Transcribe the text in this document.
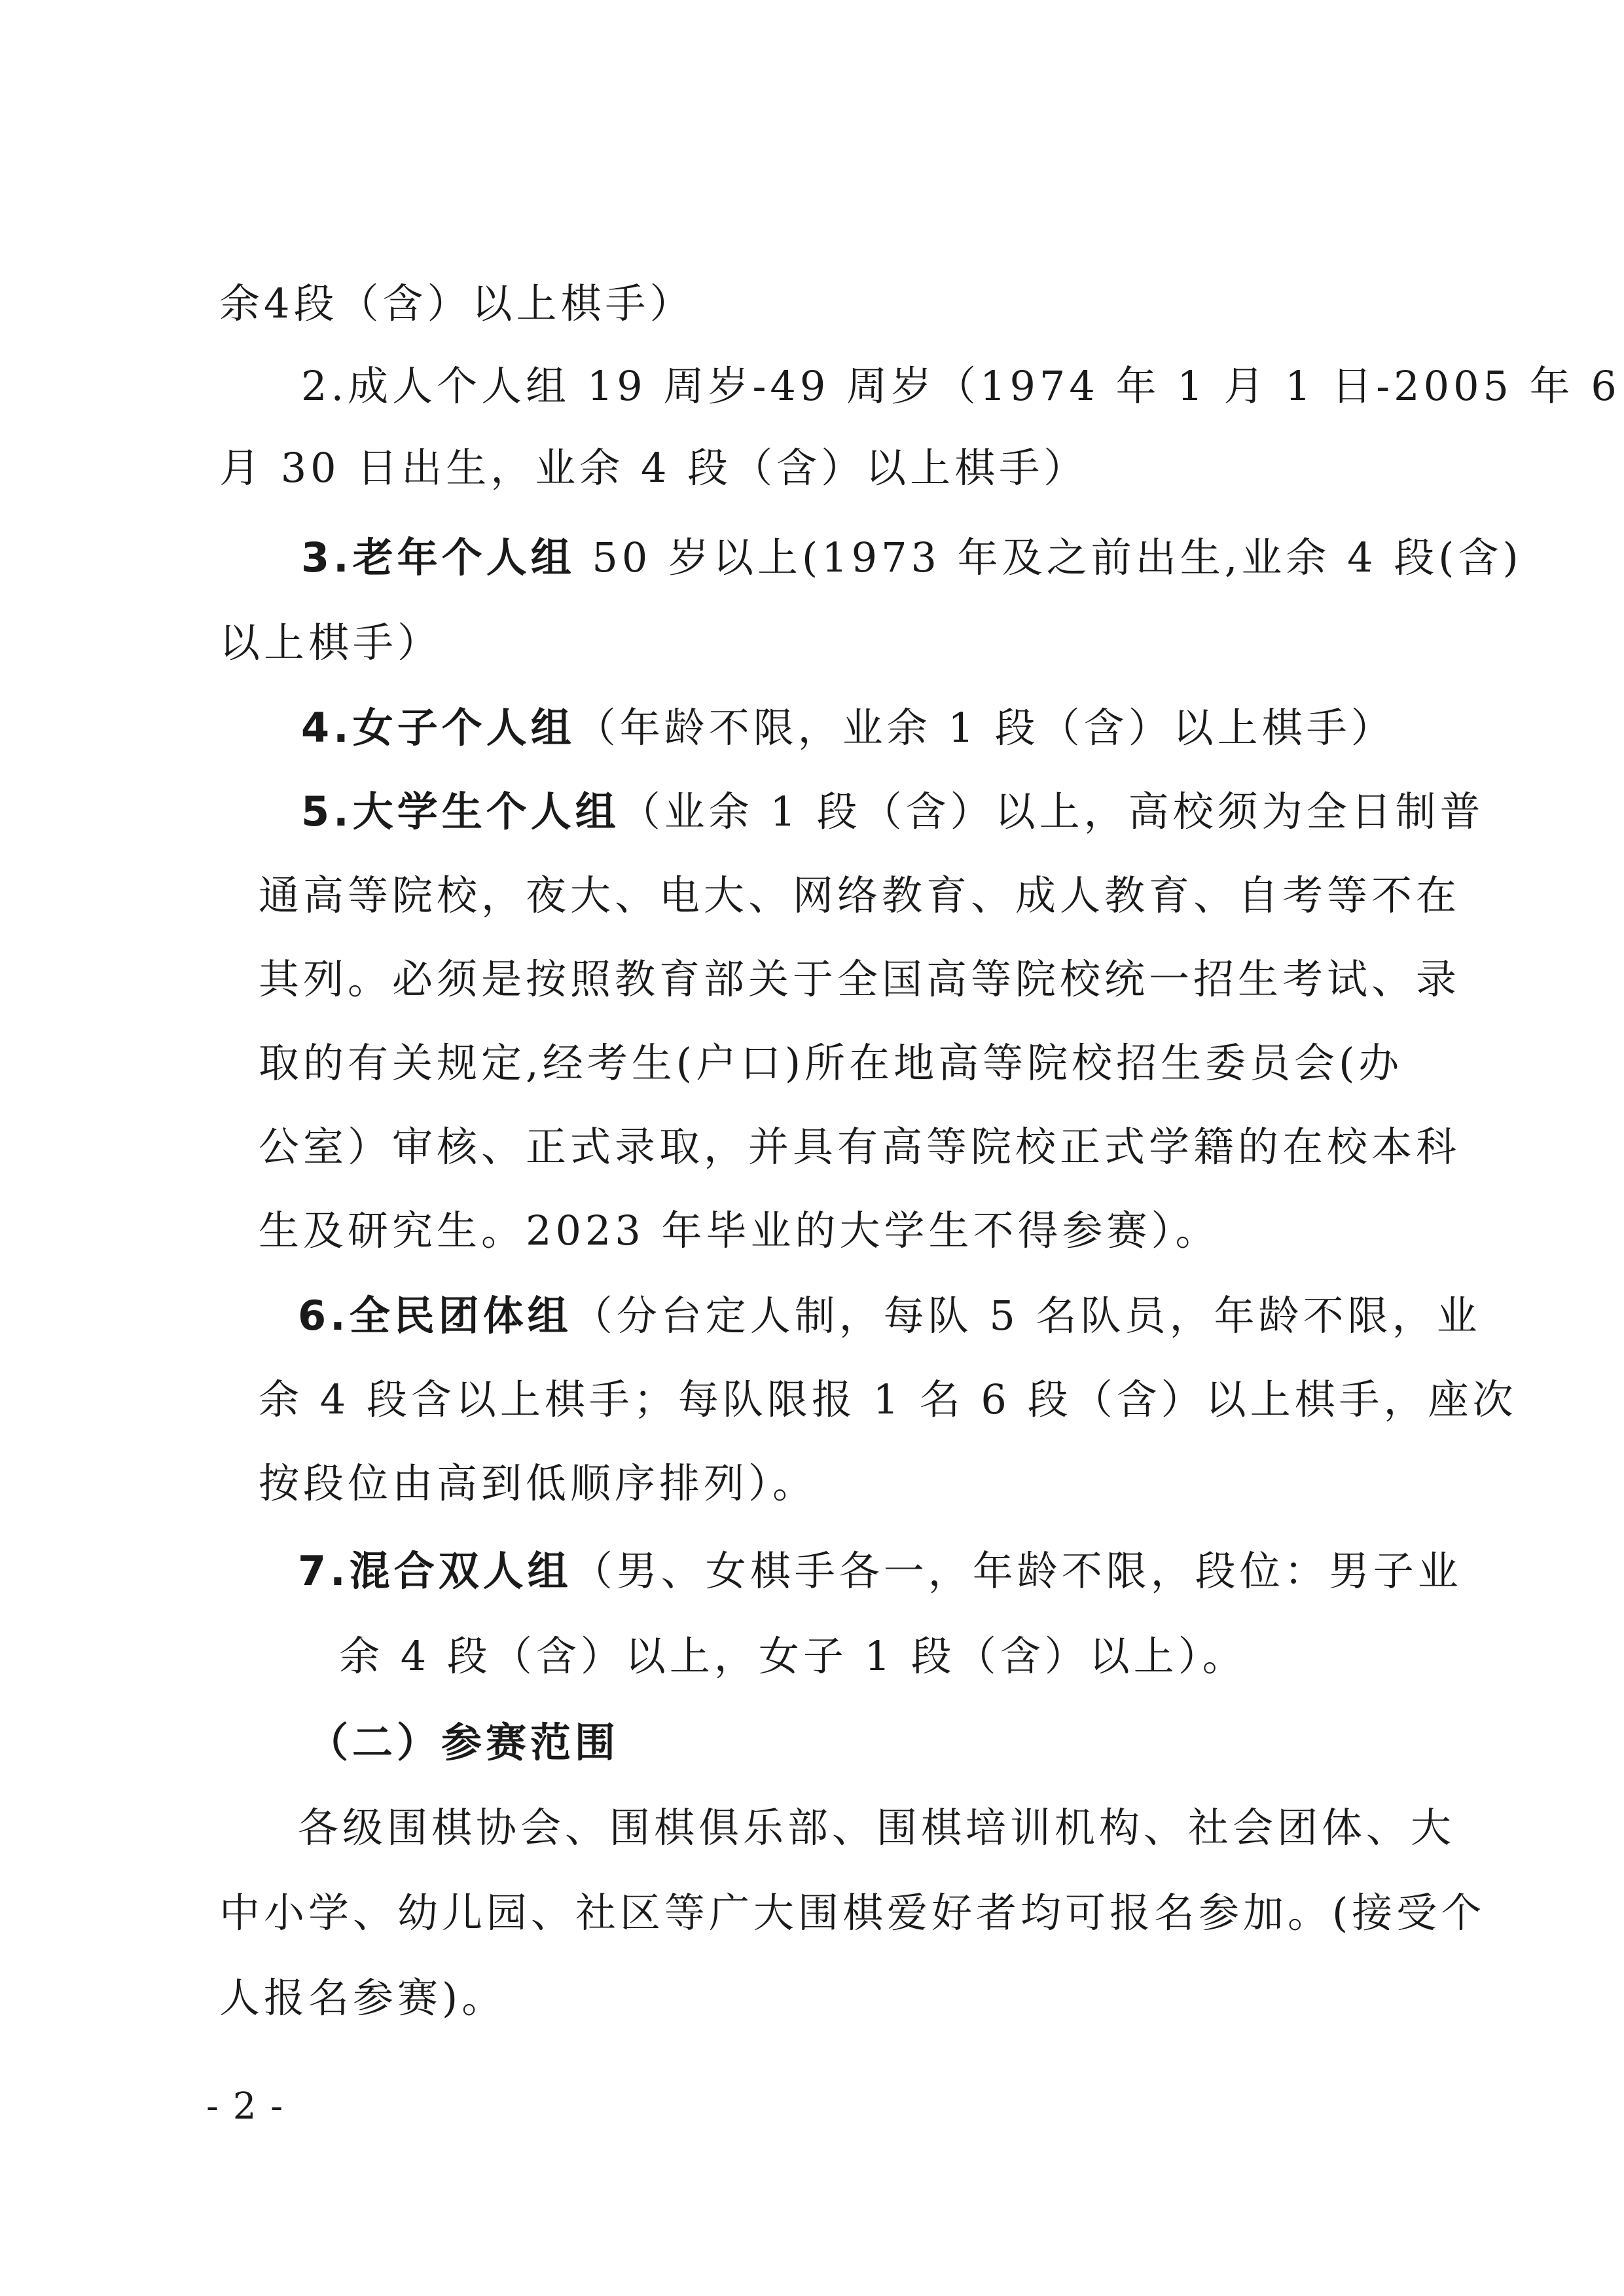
余4段（含）以上棋手）
2.成人个人组 19 周岁-49 周岁（1974 年 1 月 1 日-2005 年 6
月 30 日出生，业余 4 段（含）以上棋手）
3.老年个人组 50 岁以上(1973 年及之前出生,业余 4 段(含)
以上棋手）
4.女子个人组（年龄不限，业余 1 段（含）以上棋手）
5.大学生个人组（业余 1 段（含）以上，高校须为全日制普
通高等院校，夜大、电大、网络教育、成人教育、自考等不在
其列。必须是按照教育部关于全国高等院校统一招生考试、录
取的有关规定,经考生(户口)所在地高等院校招生委员会(办
公室）审核、正式录取，并具有高等院校正式学籍的在校本科
生及研究生。2023 年毕业的大学生不得参赛）。
6.全民团体组（分台定人制，每队 5 名队员，年龄不限，业
余 4 段含以上棋手；每队限报 1 名 6 段（含）以上棋手，座次
按段位由高到低顺序排列）。
7.混合双人组（男、女棋手各一，年龄不限，段位：男子业
余 4 段（含）以上，女子 1 段（含）以上）。
（二）参赛范围
各级围棋协会、围棋俱乐部、围棋培训机构、社会团体、大
中小学、幼儿园、社区等广大围棋爱好者均可报名参加。(接受个
人报名参赛)。
- 2 -
